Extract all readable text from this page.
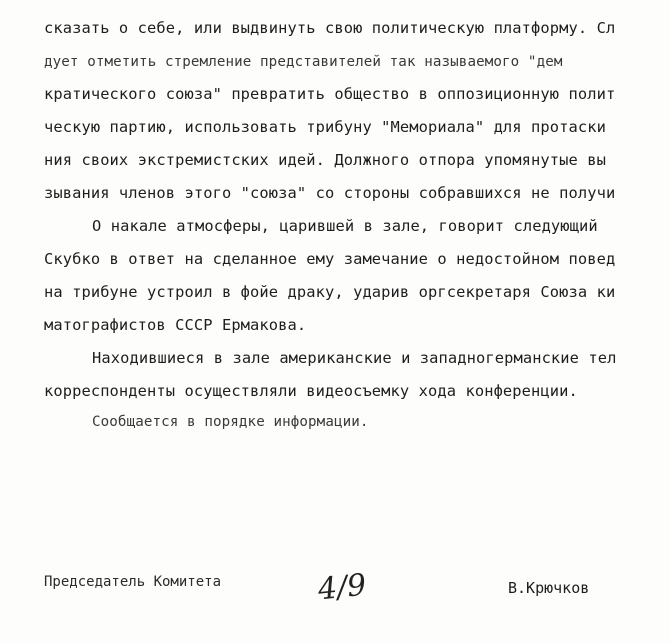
сказать о себе, или выдвинуть свою политическую платформу. Сл
дует отметить стремление представителей так называемого "дем
кратического союза" превратить общество в оппозиционную полит
ческую партию, использовать трибуну "Мемориала" для протаски
ния своих экстремистских идей. Должного отпора упомянутые вы
зывания членов этого "союза" со стороны собравшихся не получи
О накале атмосферы, царившей в зале, говорит следующий
Скубко в ответ на сделанное ему замечание о недостойном повед
на трибуне устроил в фойе драку, ударив оргсекретаря Союза ки
матографистов СССР Ермакова.
Находившиеся в зале американские и западногерманские тел
корреспонденты осуществляли видеосъемку хода конференции.
Сообщается в порядке информации.
Председатель Комитета	4/9	В.Крючков
